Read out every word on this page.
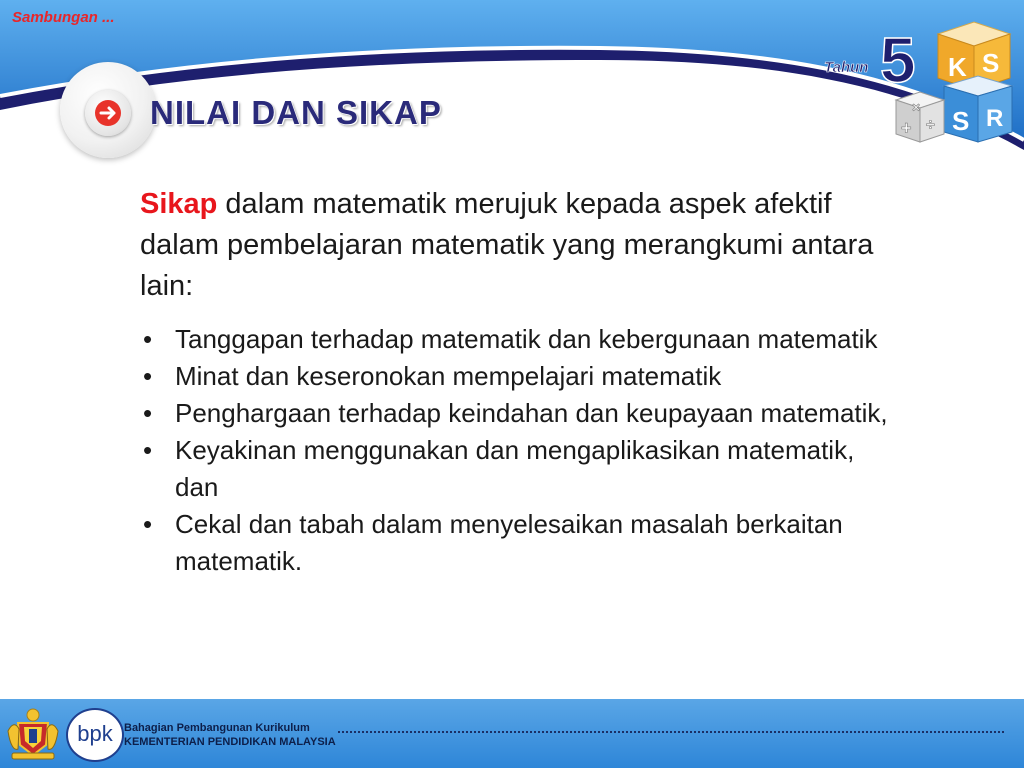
Sambungan ...
NILAI DAN SIKAP
Tahun 5 K S
S R
×
+ ÷

Sikap dalam matematik merujuk kepada aspek afektif dalam pembelajaran matematik yang merangkumi antara lain:

• Tanggapan terhadap matematik dan kebergunaan matematik
• Minat dan keseronokan mempelajari matematik
• Penghargaan terhadap keindahan dan keupayaan matematik,
• Keyakinan menggunakan dan mengaplikasikan matematik, dan
• Cekal dan tabah dalam menyelesaikan masalah berkaitan matematik.
bpk	Bahagian Pembangunan Kurikulum
KEMENTERIAN PENDIDIKAN MALAYSIA
